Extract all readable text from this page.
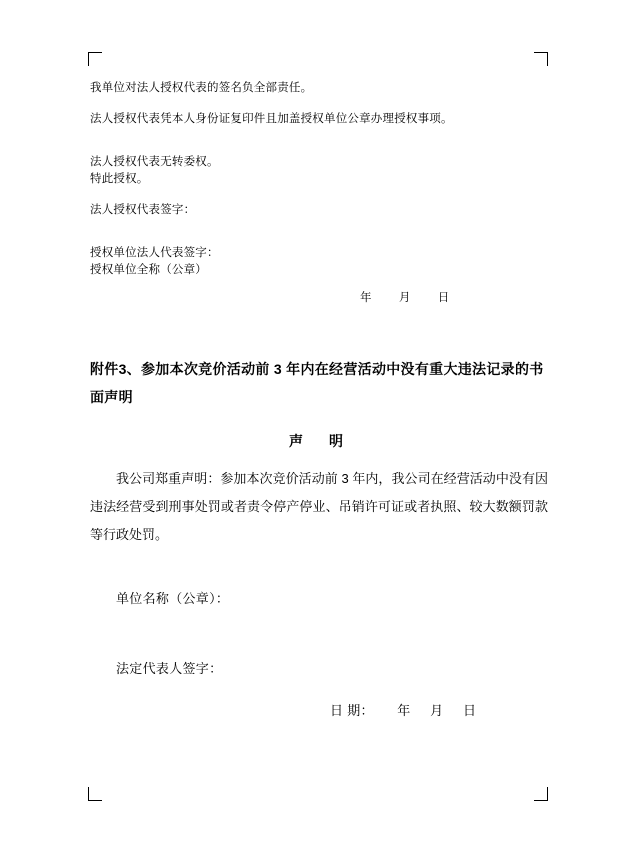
我单位对法人授权代表的签名负全部责任。

法人授权代表凭本人身份证复印件且加盖授权单位公章办理授权事项。

法人授权代表无转委权。

特此授权。

法人授权代表签字：

授权单位法人代表签字：

授权单位全称（公章）

年        月        日

附件3、参加本次竞价活动前 3 年内在经营活动中没有重大违法记录的书面声明
声　明

我公司郑重声明：参加本次竞价活动前 3 年内，我公司在经营活动中没有因违法经营受到刑事处罚或者责令停产停业、吊销许可证或者执照、较大数额罚款等行政处罚。

单位名称（公章）：

法定代表人签字：

日 期：      年     月     日
